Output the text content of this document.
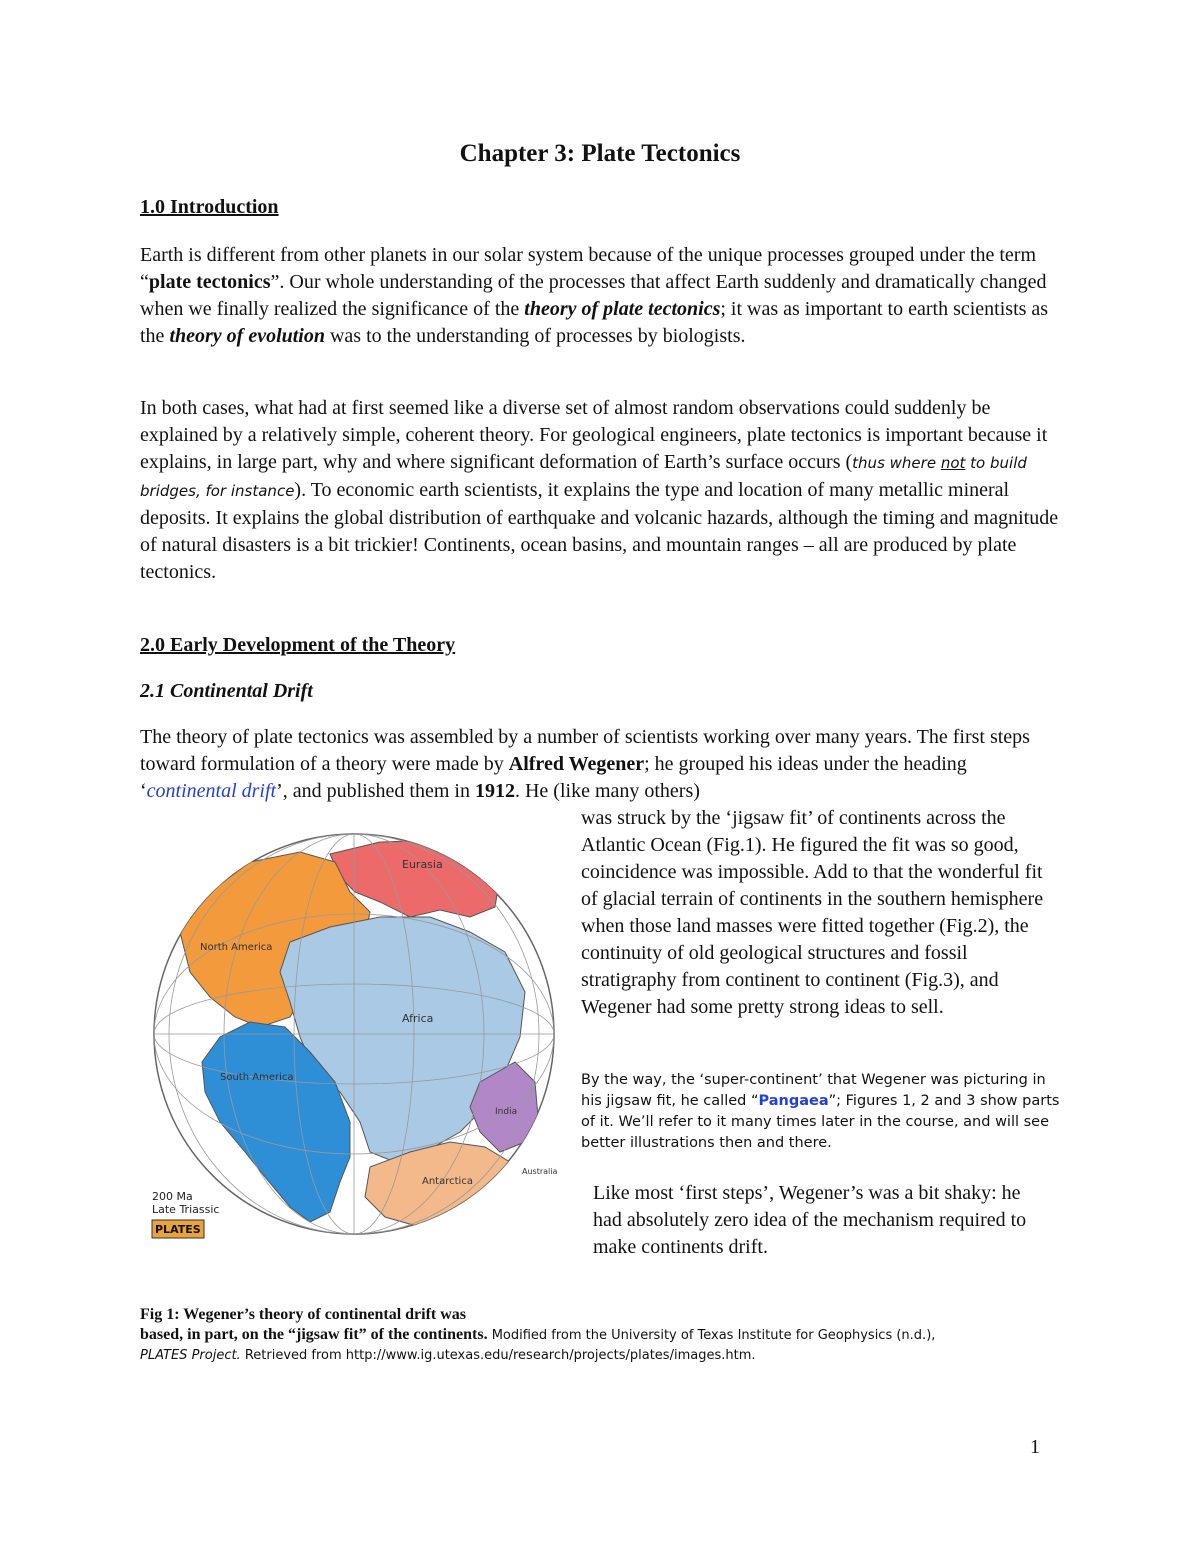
Chapter 3: Plate Tectonics
1.0 Introduction

Earth is different from other planets in our solar system because of the unique processes grouped under the term “plate tectonics”. Our whole understanding of the processes that affect Earth suddenly and dramatically changed when we finally realized the significance of the theory of plate tectonics; it was as important to earth scientists as the theory of evolution was to the understanding of processes by biologists.

In both cases, what had at first seemed like a diverse set of almost random observations could suddenly be explained by a relatively simple, coherent theory. For geological engineers, plate tectonics is important because it explains, in large part, why and where significant deformation of Earth’s surface occurs (thus where not to build bridges, for instance). To economic earth scientists, it explains the type and location of many metallic mineral deposits. It explains the global distribution of earthquake and volcanic hazards, although the timing and magnitude of natural disasters is a bit trickier! Continents, ocean basins, and mountain ranges – all are produced by plate tectonics.

2.0 Early Development of the Theory
2.1 Continental Drift

The theory of plate tectonics was assembled by a number of scientists working over many years. The first steps toward formulation of a theory were made by Alfred Wegener; he grouped his ideas under the heading ‘continental drift’, and published them in 1912. He (like many others)

was struck by the ‘jigsaw fit’ of continents across the Atlantic Ocean (Fig.1). He figured the fit was so good, coincidence was impossible. Add to that the wonderful fit of glacial terrain of continents in the southern hemisphere when those land masses were fitted together (Fig.2), the continuity of old geological structures and fossil stratigraphy from continent to continent (Fig.3), and Wegener had some pretty strong ideas to sell.
By the way, the ‘super-continent’ that Wegener was picturing in his jigsaw fit, he called “Pangaea”; Figures 1, 2 and 3 show parts of it. We’ll refer to it many times later in the course, and will see better illustrations then and there.
Like most ‘first steps’, Wegener’s was a bit shaky: he had absolutely zero idea of the mechanism required to make continents drift.
Eurasia
North America
Africa
South America
India
Antarctica
Australia
200 Ma
Late Triassic
PLATES
Fig 1: Wegener’s theory of continental drift was
based, in part, on the “jigsaw fit” of the continents. Modified from the University of Texas Institute for Geophysics (n.d.),
PLATES Project. Retrieved from http://www.ig.utexas.edu/research/projects/plates/images.htm.
1
